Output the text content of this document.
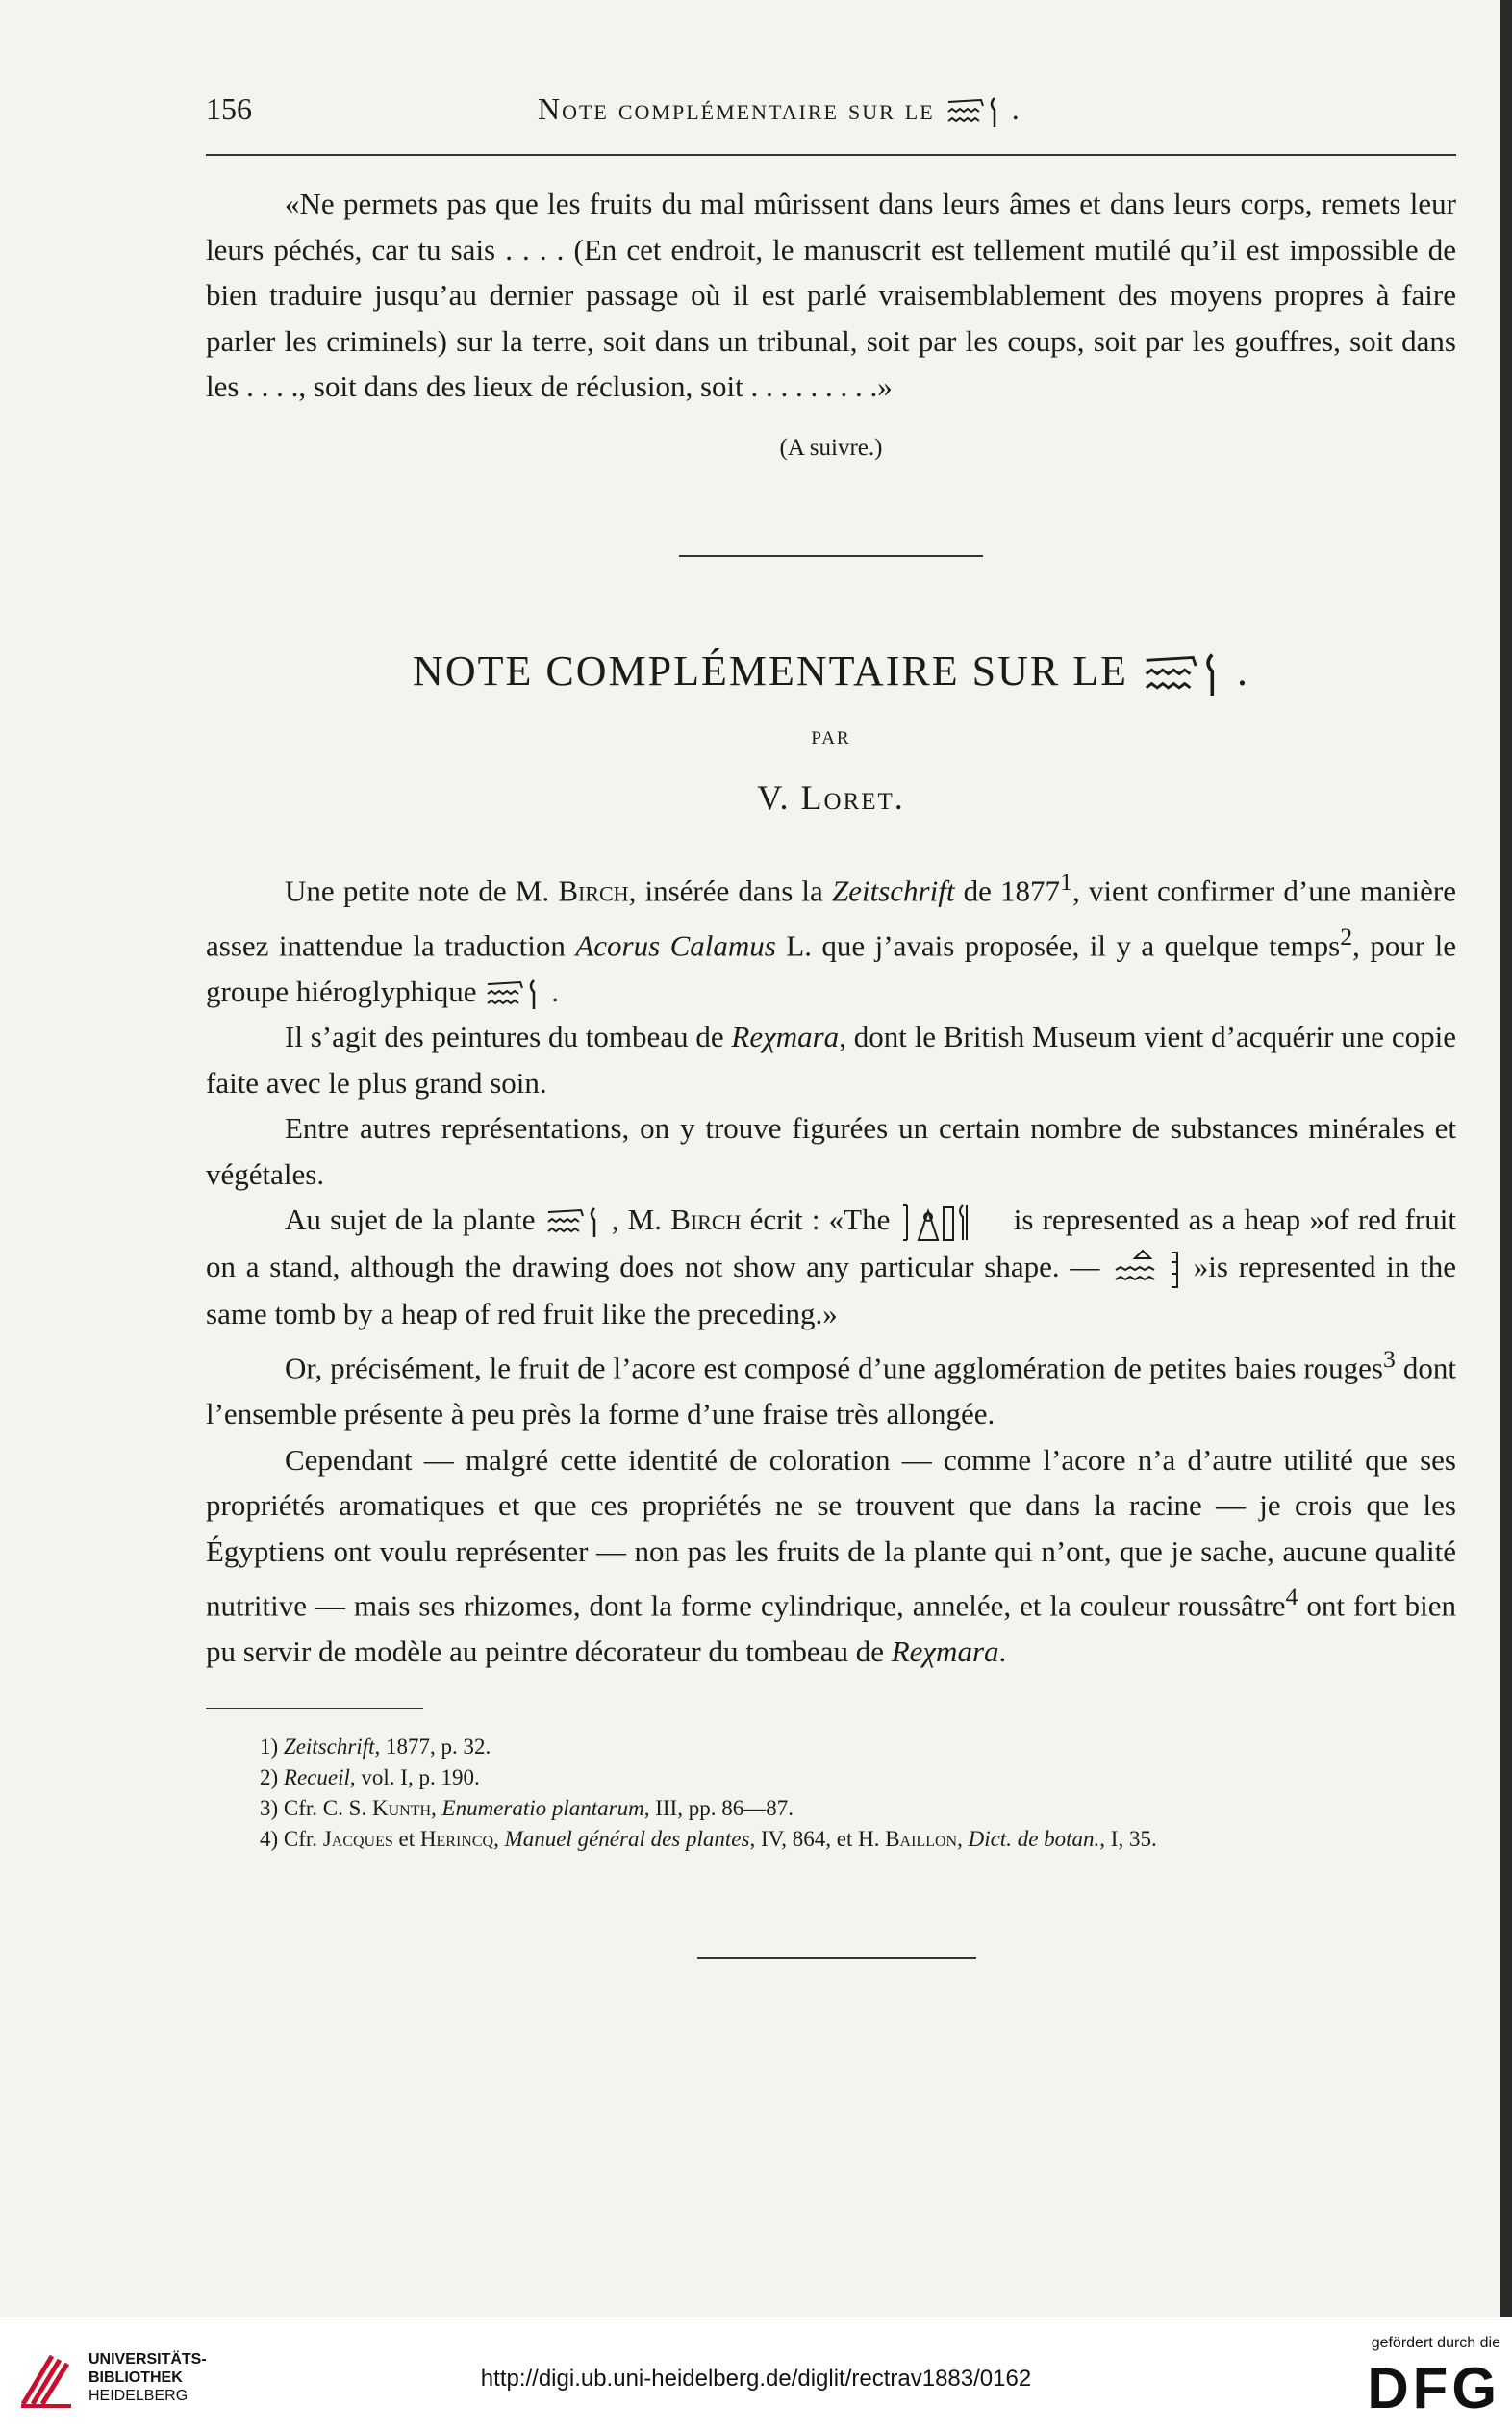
156	Note complémentaire sur le	.
«Ne permets pas que les fruits du mal mûrissent dans leurs âmes et dans leurs corps, remets leur leurs péchés, car tu sais . . . . (En cet endroit, le manuscrit est tellement mutilé qu’il est impossible de bien traduire jusqu’au dernier passage où il est parlé vraisemblablement des moyens propres à faire parler les criminels) sur la terre, soit dans un tribunal, soit par les coups, soit par les gouffres, soit dans les . . . ., soit dans des lieux de réclusion, soit . . . . . . . . .»
(A suivre.)
NOTE COMPLÉMENTAIRE SUR LE	.
PAR
V. Loret.

Une petite note de M. Birch, insérée dans la Zeitschrift de 1877$^1$, vient confirmer d’une manière assez inattendue la traduction Acorus Calamus L. que j’avais proposée, il y a quelque temps$^2$, pour le groupe hiéroglyphique .

Il s’agit des peintures du tombeau de Reχmara, dont le British Museum vient d’acquérir une copie faite avec le plus grand soin.

Entre autres représentations, on y trouve figurées un certain nombre de substances minérales et végétales.

Au sujet de la plante , M. Birch écrit : «The	is represented as a heap »of red fruit on a stand, although the drawing does not show any particular shape. —  »is represented in the same tomb by a heap of red fruit like the preceding.»

Or, précisément, le fruit de l’acore est composé d’une agglomération de petites baies rouges$^3$ dont l’ensemble présente à peu près la forme d’une fraise très allongée.

Cependant — malgré cette identité de coloration — comme l’acore n’a d’autre utilité que ses propriétés aromatiques et que ces propriétés ne se trouvent que dans la racine — je crois que les Égyptiens ont voulu représenter — non pas les fruits de la plante qui n’ont, que je sache, aucune qualité nutritive — mais ses rhizomes, dont la forme cylindrique, annelée, et la couleur roussâtre$^4$ ont fort bien pu servir de modèle au peintre décorateur du tombeau de Reχmara.

1) Zeitschrift, 1877, p. 32.
2) Recueil, vol. I, p. 190.
3) Cfr. C. S. Kunth, Enumeratio plantarum, III, pp. 86—87.
4) Cfr. Jacques et Herincq, Manuel général des plantes, IV, 864, et H. Baillon, Dict. de botan., I, 35.
UNIVERSITÄTS-
BIBLIOTHEK
HEIDELBERG
http://digi.ub.uni-heidelberg.de/diglit/rectrav1883/0162
gefördert durch die
DFG
